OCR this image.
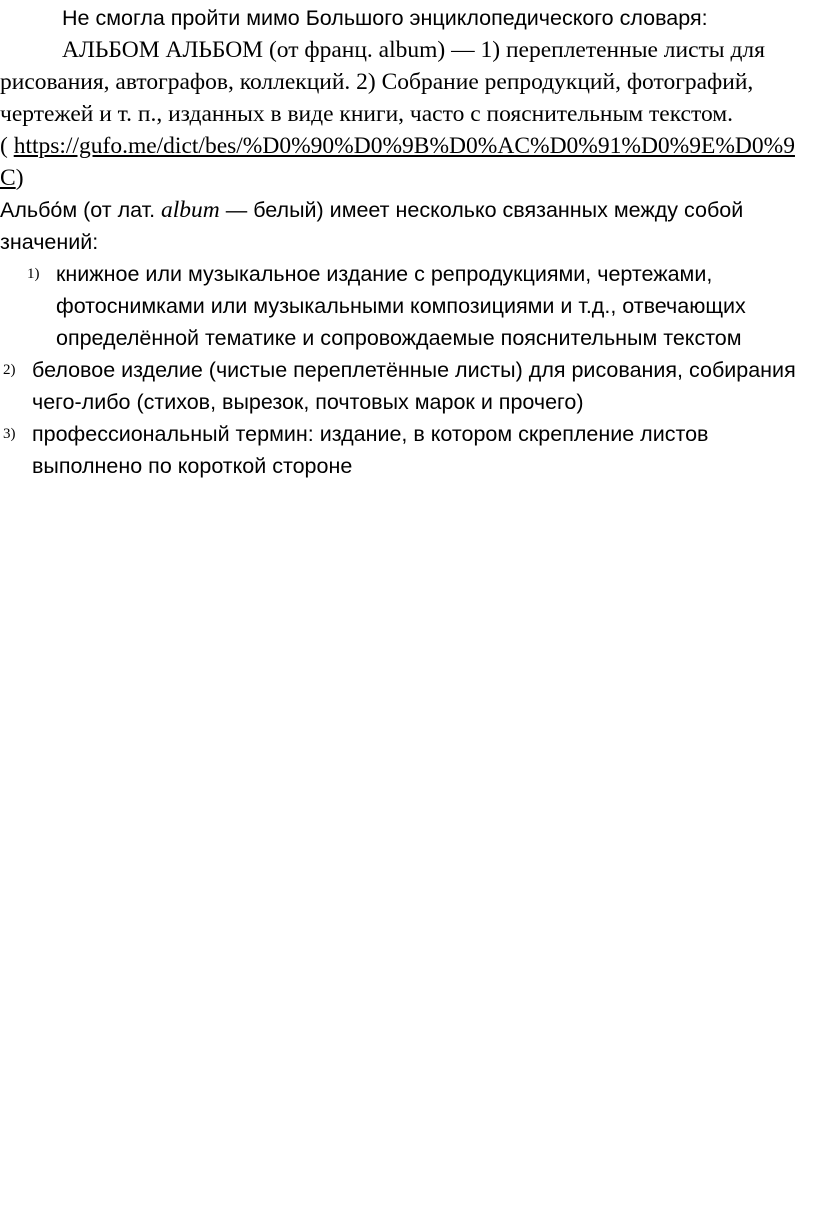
Не смогла пройти мимо Большого энциклопедического словаря:

АЛЬБОМ АЛЬБОМ (от франц. album) — 1) переплетенные листы для рисования, автографов, коллекций. 2) Собрание репродукций, фотографий, чертежей и т. п., изданных в виде книги, часто с пояснительным текстом.
( https://gufo.me/dict/bes/%D0%90%D0%9B%D0%AC%D0%91%D0%9E%D0%9C)

Альбо́м (от лат. album — белый) имеет несколько связанных между собой значений:

1) книжное или музыкальное издание с репродукциями, чертежами, фотоснимками или музыкальными композициями и т.д., отвечающих определённой тематике и сопровождаемые пояснительным текстом
2) беловое изделие (чистые переплетённые листы) для рисования, собирания чего-либо (стихов, вырезок, почтовых марок и прочего)
3) профессиональный термин: издание, в котором скрепление листов выполнено по короткой стороне
